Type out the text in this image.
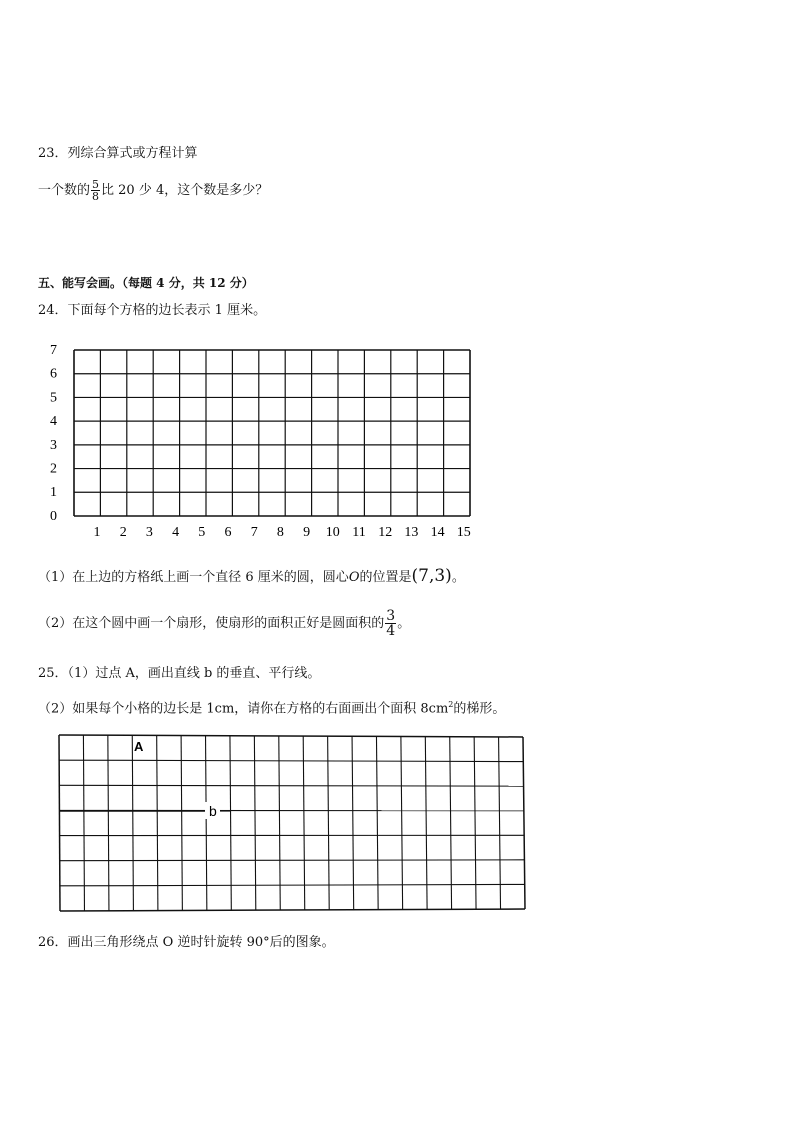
23．列综合算式或方程计算
一个数的 $\frac{5}{8}$ 比 20 少 4，这个数是多少？
五、能写会画。（每题 4 分，共 12 分）
24．下面每个方格的边长表示 1 厘米。
7
6
5
4
3
2
1
0
1 2 3 4 5 6 7 8 9 10 11 12 13 14 15
A
b
（1）在上边的方格纸上画一个直径 6 厘米的圆，圆心O的位置是(7,3)。
（2）在这个圆中画一个扇形，使扇形的面积正好是圆面积的 $\frac{3}{4}$ 。
25．（1）过点 A，画出直线 b 的垂直、平行线。
（2）如果每个小格的边长是 1cm，请你在方格的右面画出个面积 $8cm^2$的梯形。
26．画出三角形绕点 O 逆时针旋转 90°后的图象。
